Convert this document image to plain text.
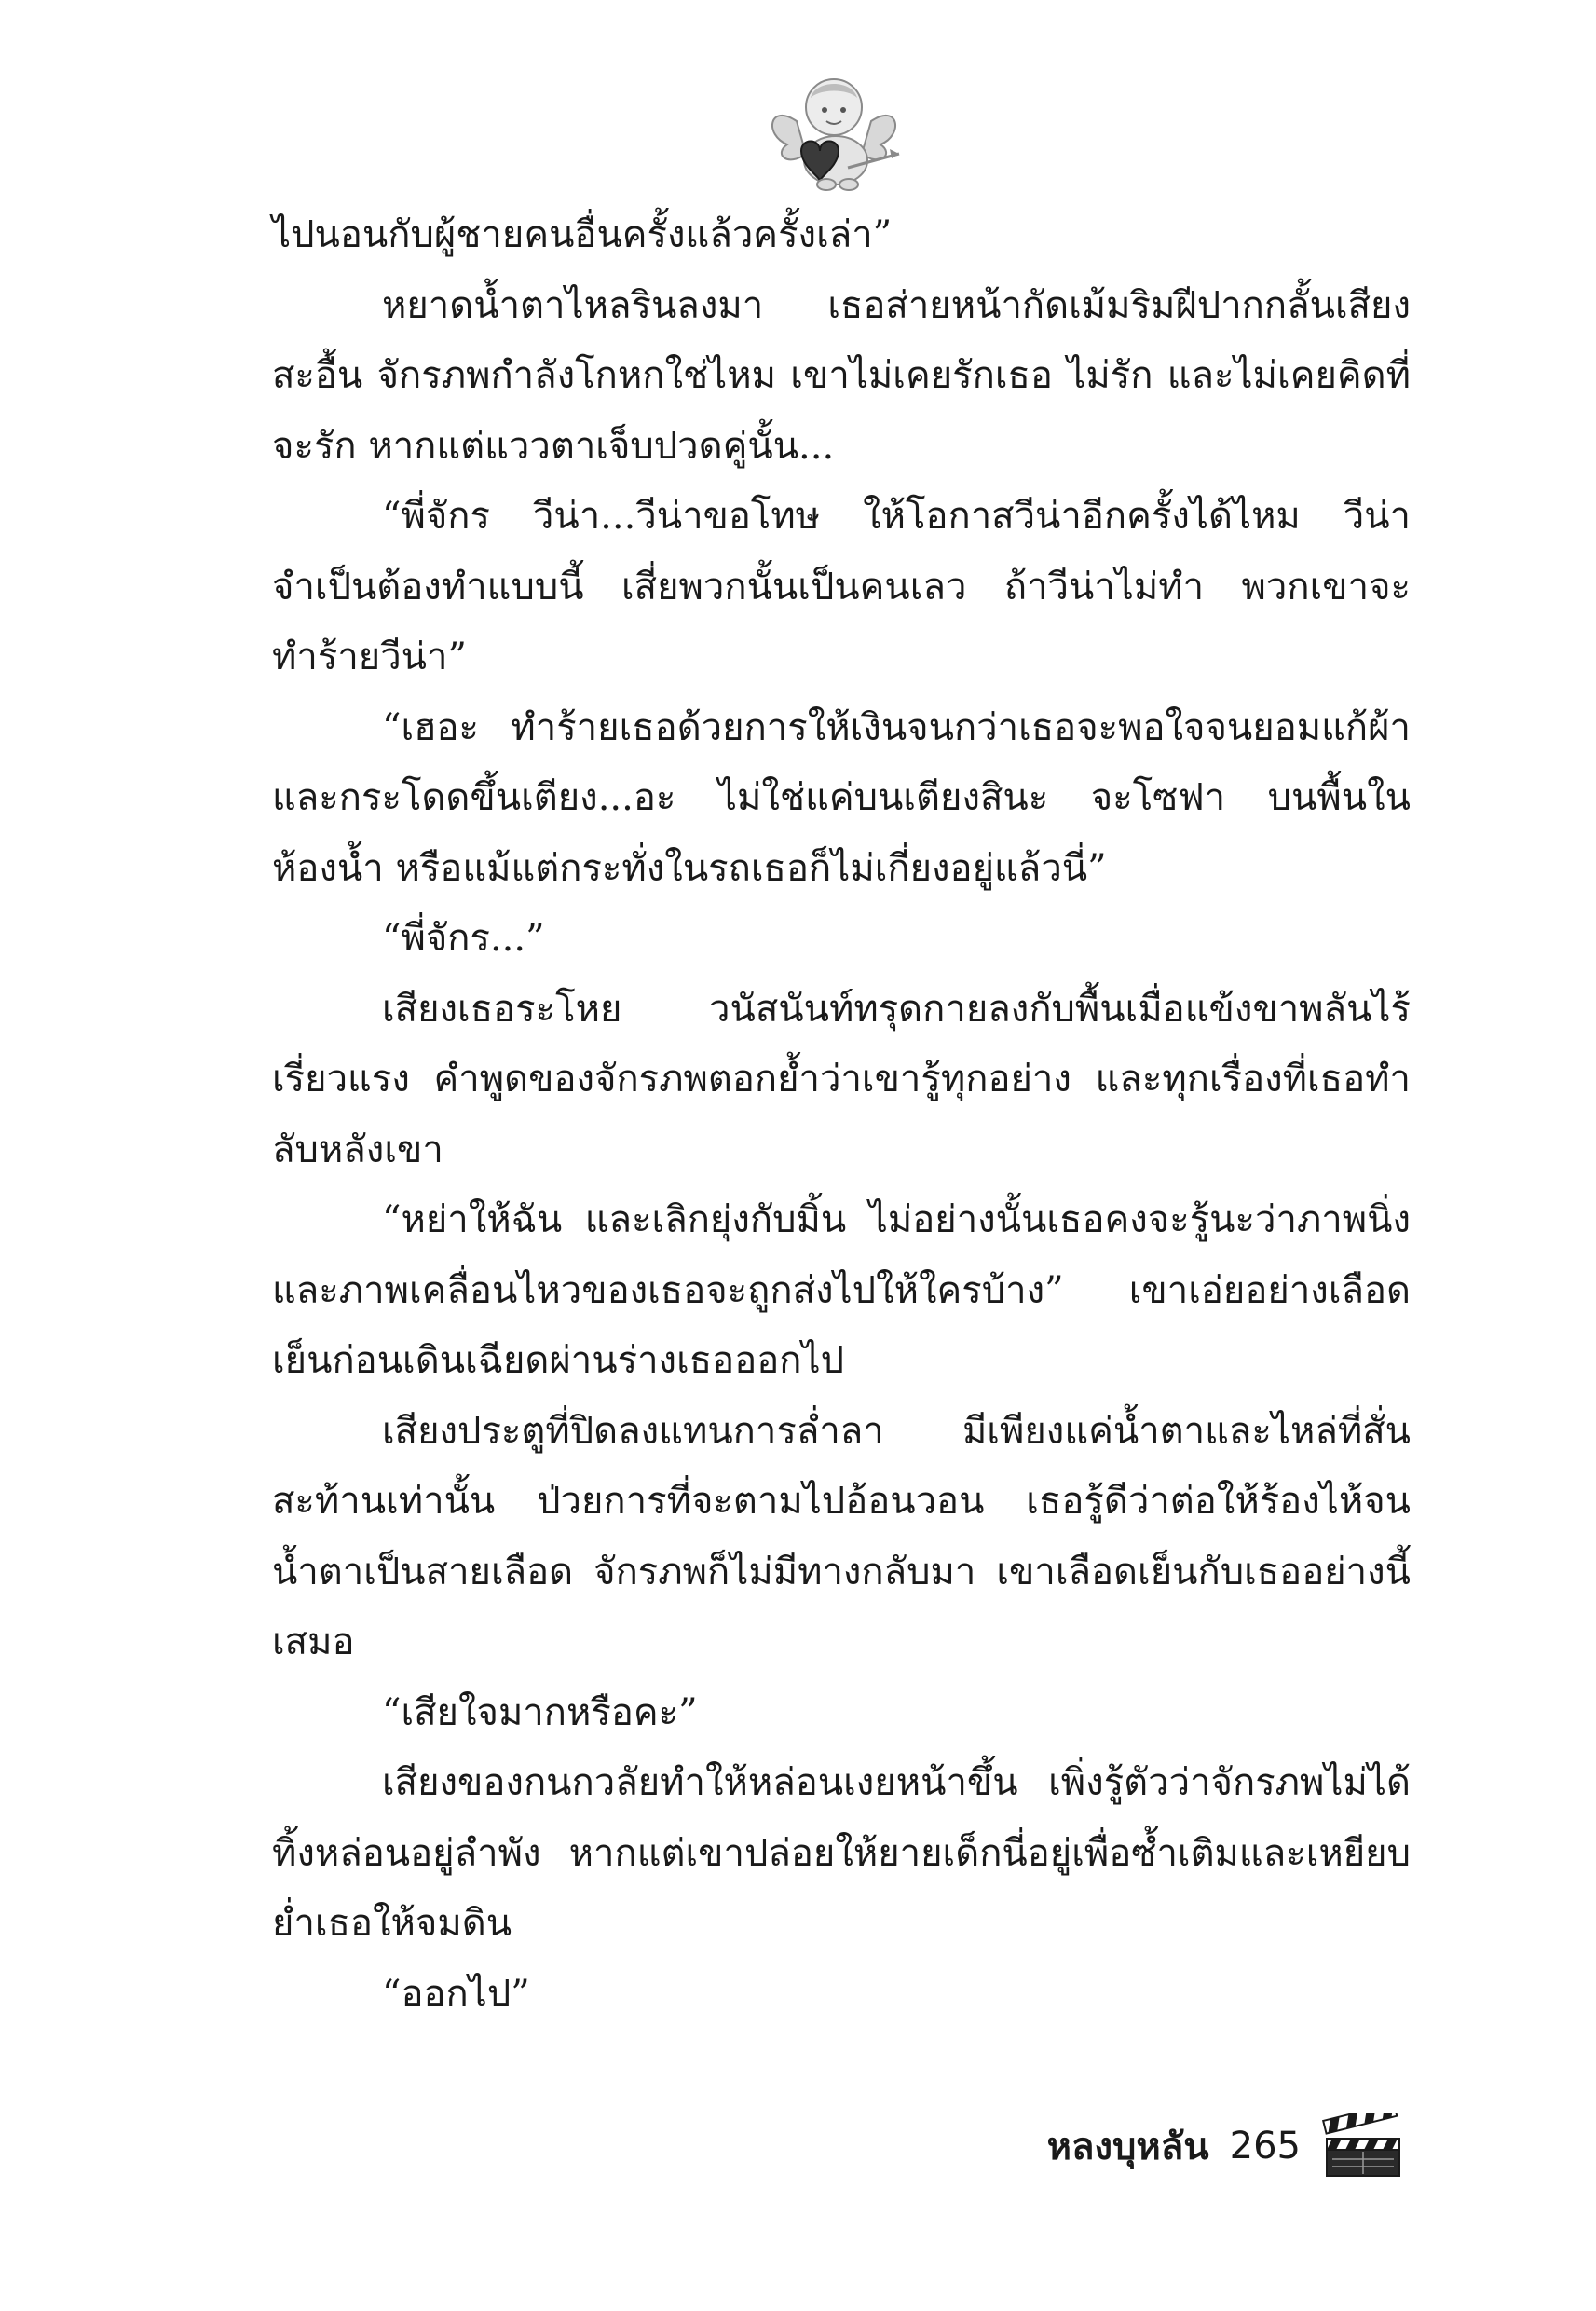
ไปนอนกับผู้ชายคนอื่นครั้งแล้วครั้งเล่า”

หยาดน้ำตาไหลรินลงมา เธอส่ายหน้ากัดเม้มริมฝีปากกลั้นเสียงสะอื้น จักรภพกำลังโกหกใช่ไหม เขาไม่เคยรักเธอ ไม่รัก และไม่เคยคิดที่จะรัก หากแต่แววตาเจ็บปวดคู่นั้น...

“พี่จักร วีน่า...วีน่าขอโทษ ให้โอกาสวีน่าอีกครั้งได้ไหม วีน่าจำเป็นต้องทำแบบนี้ เสี่ยพวกนั้นเป็นคนเลว ถ้าวีน่าไม่ทำ พวกเขาจะทำร้ายวีน่า”

“เฮอะ ทำร้ายเธอด้วยการให้เงินจนกว่าเธอจะพอใจจนยอมแก้ผ้าและกระโดดขึ้นเตียง...อะ ไม่ใช่แค่บนเตียงสินะ จะโซฟา บนพื้นในห้องน้ำ หรือแม้แต่กระทั่งในรถเธอก็ไม่เกี่ยงอยู่แล้วนี่”

“พี่จักร...”

เสียงเธอระโหย วนัสนันท์ทรุดกายลงกับพื้นเมื่อแข้งขาพลันไร้เรี่ยวแรง คำพูดของจักรภพตอกย้ำว่าเขารู้ทุกอย่าง และทุกเรื่องที่เธอทำลับหลังเขา

“หย่าให้ฉัน และเลิกยุ่งกับมิ้น ไม่อย่างนั้นเธอคงจะรู้นะว่าภาพนิ่งและภาพเคลื่อนไหวของเธอจะถูกส่งไปให้ใครบ้าง” เขาเอ่ยอย่างเลือดเย็นก่อนเดินเฉียดผ่านร่างเธอออกไป

เสียงประตูที่ปิดลงแทนการล่ำลา มีเพียงแค่น้ำตาและไหล่ที่สั่นสะท้านเท่านั้น ป่วยการที่จะตามไปอ้อนวอน เธอรู้ดีว่าต่อให้ร้องไห้จนน้ำตาเป็นสายเลือด จักรภพก็ไม่มีทางกลับมา เขาเลือดเย็นกับเธออย่างนี้เสมอ

“เสียใจมากหรือคะ”

เสียงของกนกวลัยทำให้หล่อนเงยหน้าขึ้น เพิ่งรู้ตัวว่าจักรภพไม่ได้ทิ้งหล่อนอยู่ลำพัง หากแต่เขาปล่อยให้ยายเด็กนี่อยู่เพื่อซ้ำเติมและเหยียบย่ำเธอให้จมดิน

“ออกไป”

หลงบุหลัน 265
